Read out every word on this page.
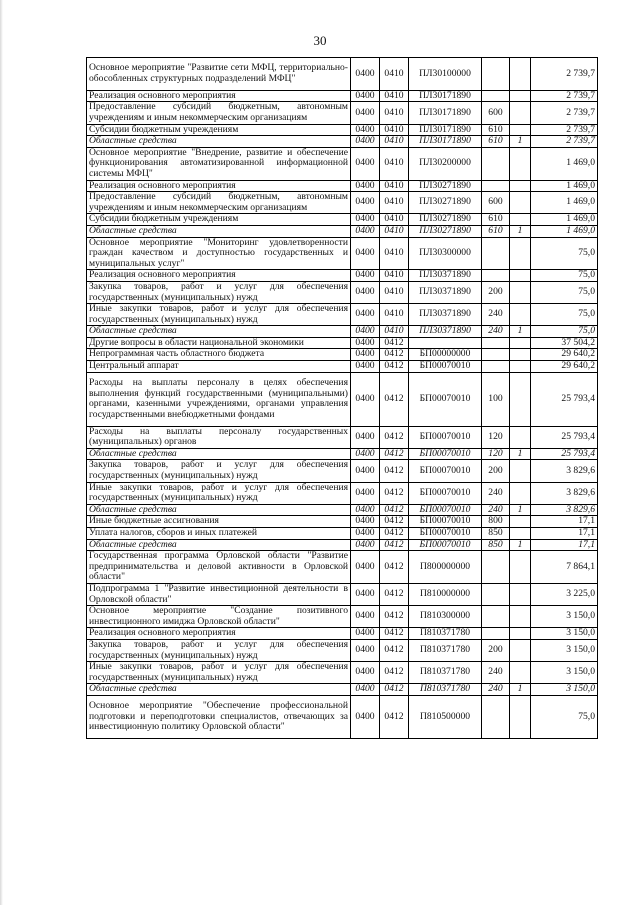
30
Основное мероприятие "Развитие сети МФЦ, территориально-обособленных структурных подразделений МФЦ"	0400	0410	ПЛ30100000			2 739,7
Реализация основного мероприятия	0400	0410	ПЛ30171890			2 739,7
Предоставление субсидий бюджетным, автономным учреждениям и иным некоммерческим организациям	0400	0410	ПЛ30171890	600		2 739,7
Субсидии бюджетным учреждениям	0400	0410	ПЛ30171890	610		2 739,7
Областные средства	0400	0410	ПЛ30171890	610	1	2 739,7
Основное мероприятие "Внедрение, развитие и обеспечение функционирования автоматизированной информационной системы МФЦ"	0400	0410	ПЛ30200000			1 469,0
Реализация основного мероприятия	0400	0410	ПЛ30271890			1 469,0
Предоставление субсидий бюджетным, автономным учреждениям и иным некоммерческим организациям	0400	0410	ПЛ30271890	600		1 469,0
Субсидии бюджетным учреждениям	0400	0410	ПЛ30271890	610		1 469,0
Областные средства	0400	0410	ПЛ30271890	610	1	1 469,0
Основное мероприятие "Мониторинг удовлетворенности граждан качеством и доступностью государственных и муниципальных услуг"	0400	0410	ПЛ30300000			75,0
Реализация основного мероприятия	0400	0410	ПЛ30371890			75,0
Закупка товаров, работ и услуг для обеспечения государственных (муниципальных) нужд	0400	0410	ПЛ30371890	200		75,0
Иные закупки товаров, работ и услуг для обеспечения государственных (муниципальных) нужд	0400	0410	ПЛ30371890	240		75,0
Областные средства	0400	0410	ПЛ30371890	240	1	75,0
Другие вопросы в области национальной экономики	0400	0412				37 504,2
Непрограммная часть областного бюджета	0400	0412	БП00000000			29 640,2
Центральный аппарат	0400	0412	БП00070010			29 640,2
Расходы на выплаты персоналу в целях обеспечения выполнения функций государственными (муниципальными) органами, казенными учреждениями, органами управления государственными внебюджетными фондами	0400	0412	БП00070010	100		25 793,4
Расходы на выплаты персоналу государственных (муниципальных) органов	0400	0412	БП00070010	120		25 793,4
Областные средства	0400	0412	БП00070010	120	1	25 793,4
Закупка товаров, работ и услуг для обеспечения государственных (муниципальных) нужд	0400	0412	БП00070010	200		3 829,6
Иные закупки товаров, работ и услуг для обеспечения государственных (муниципальных) нужд	0400	0412	БП00070010	240		3 829,6
Областные средства	0400	0412	БП00070010	240	1	3 829,6
Иные бюджетные ассигнования	0400	0412	БП00070010	800		17,1
Уплата налогов, сборов и иных платежей	0400	0412	БП00070010	850		17,1
Областные средства	0400	0412	БП00070010	850	1	17,1
Государственная программа Орловской области "Развитие предпринимательства и деловой активности в Орловской области"	0400	0412	П800000000			7 864,1
Подпрограмма 1 "Развитие инвестиционной деятельности в Орловской области"	0400	0412	П810000000			3 225,0
Основное мероприятие "Создание позитивного инвестиционного имиджа Орловской области"	0400	0412	П810300000			3 150,0
Реализация основного мероприятия	0400	0412	П810371780			3 150,0
Закупка товаров, работ и услуг для обеспечения государственных (муниципальных) нужд	0400	0412	П810371780	200		3 150,0
Иные закупки товаров, работ и услуг для обеспечения государственных (муниципальных) нужд	0400	0412	П810371780	240		3 150,0
Областные средства	0400	0412	П810371780	240	1	3 150,0
Основное мероприятие "Обеспечение профессиональной подготовки и переподготовки специалистов, отвечающих за инвестиционную политику Орловской области"	0400	0412	П810500000			75,0
